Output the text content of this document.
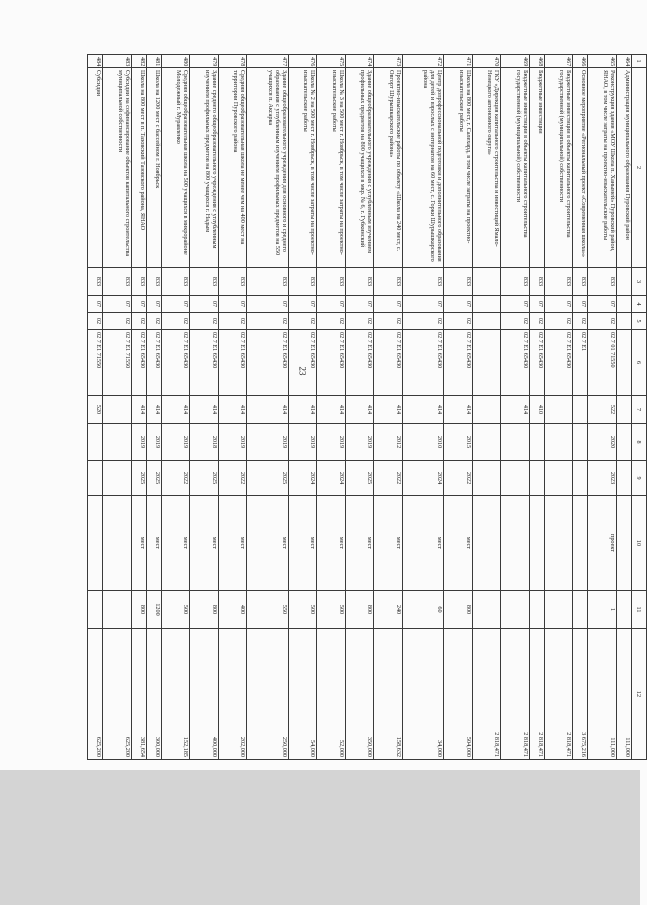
23
1	2	3	4	5	6	7	8	9	10	11	12
464	Администрация муниципального образования Пуровский район										111,000
465	Реконструкция здания «МОУ Школа п. Ханымей» Пуровский район, ЯНАО, в том числе затраты на проектно-изыскательские работы	833	07	02	02 7 01 71550	522	2020	2023	проект	1	111,000
466	Основное мероприятие «Региональный проект «Современная школа»»	833	07	02	02 7 Е1						3 675,216
467	Бюджетные инвестиции в объекты капитального строительства государственной (муниципальной) собственности	833	07	02	02 7 Е1 65430						2 818,471
468	Бюджетные инвестиции	833	07	02	02 7 Е1 65430	410					2 818,471
469	Бюджетные инвестиции в объекты капитального строительства государственной (муниципальной) собственности	833	07	02	02 7 Е1 65430	414					2 818,471
470	ГКУ «Дирекция капитального строительства и инвестиций Ямало-Ненецкого автономного округа»										2 818,471
471	Школа на 800 мест, г. Салехард, в том числе затраты на проектно-изыскательские работы	833	07	02	02 7 Е1 65430	414	2015	2022	мест	800	504,000
472	Центр допрофессиональной подготовки и дополнительного образования для детей и взрослых с интернатом на 60 мест, с. Горки Шурышкарского района	833	07	02	02 7 Е1 65430	414	2010	2024	мест	60	34,000
473	Проектно-изыскательские работы по объекту «Школа на 240 мест, с. Овгорт Шурышкарского района»	833	07	02	02 7 Е1 65430	414	2012	2022	мест	240	158,632
474	Здание общеобразовательного учреждения с углубленным изучением профильных предметов на 800 учащихся в мкр. № 6, г. Губкинский	833	07	02	02 7 Е1 65430	414	2019	2025	мест	800	350,000
475	Школа № 3 на 500 мест г. Ноябрьск, в том числе затраты на проектно-изыскательские работы	833	07	02	02 7 Е1 65430	414	2019	2024	мест	500	52,000
476	Школа № 2 на 500 мест г. Ноябрьск, в том числе затраты на проектно-изыскательские работы	833	07	02	02 7 Е1 65430	414	2019	2024	мест	500	54,000
477	Здание общеобразовательного учреждения для основного и среднего образования с углубленным изучением профильных предметов на 550 учащихся п. Аксарка	833	07	02	02 7 Е1 65430	414	2019	2025	мест	550	250,000
478	Средняя общеобразовательная школа не менее чем на 400 мест на территории Пуровского района	833	07	02	02 7 Е1 65430	414	2019	2022	мест	400	202,000
479	Здание среднего общеобразовательного учреждения с углубленным изучением профильных предметов на 800 учащихся г. Надым	833	07	02	02 7 Е1 65430	414	2018	2025	мест	800	400,000
480	Средняя общеобразовательная школа на 500 учащихся в микрорайоне Молодежный г. Муравленко	833	07	02	02 7 Е1 65430	414	2019	2022	мест	500	152,185
481	Школа на 1200 мест с бассейном г. Ноябрьск	833	07	02	02 7 Е1 65430	414	2019	2025	мест	1200	300,000
482	Школа на 800 мест в п. Тазовский Тазовского района, ЯНАО	833	07	02	02 7 Е1 65430	414	2019	2025	мест	800	381,654
483	Субсидии на софинансирование объектов капитального строительства муниципальной собственности	833	07	02	02 7 Е1 71550						625,200
484	Субсидии	833	07	02	02 7 Е1 71550	520					625,200
